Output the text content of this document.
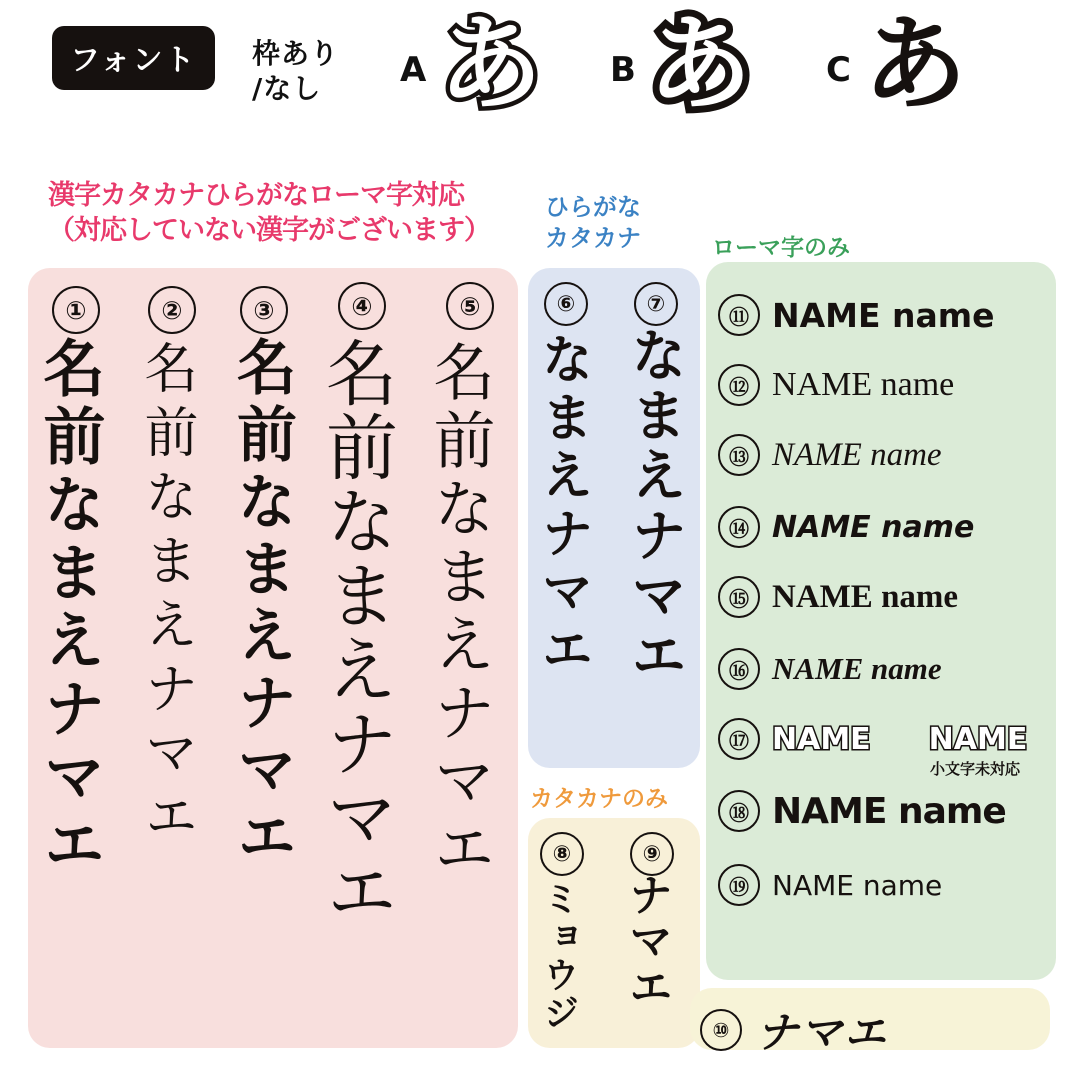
フォント	枠あり
/なし	A あ B あ C あ
漢字カタカナひらがなローマ字対応
（対応していない漢字がございます）
ひらがな
カタカナ	ローマ字のみ
カタカナのみ
①	②	③	④	⑤
名前なまえナマエ 名前なまえナマエ 名前なまえナマエ 名前なまえナマエ 名前なまえナマエ
⑥	⑦
なまえナマエ なまえナマエ
⑧	⑨
ミョウジ ナマエ
⑪ NAME name
⑫ NAME name
⑬ NAME name
⑭ NAME name
⑮ NAME name
⑯ NAME name
⑰ NAME NAME
小文字未対応
⑱ NAME name
⑲ NAME name
⑩ ナマエ
